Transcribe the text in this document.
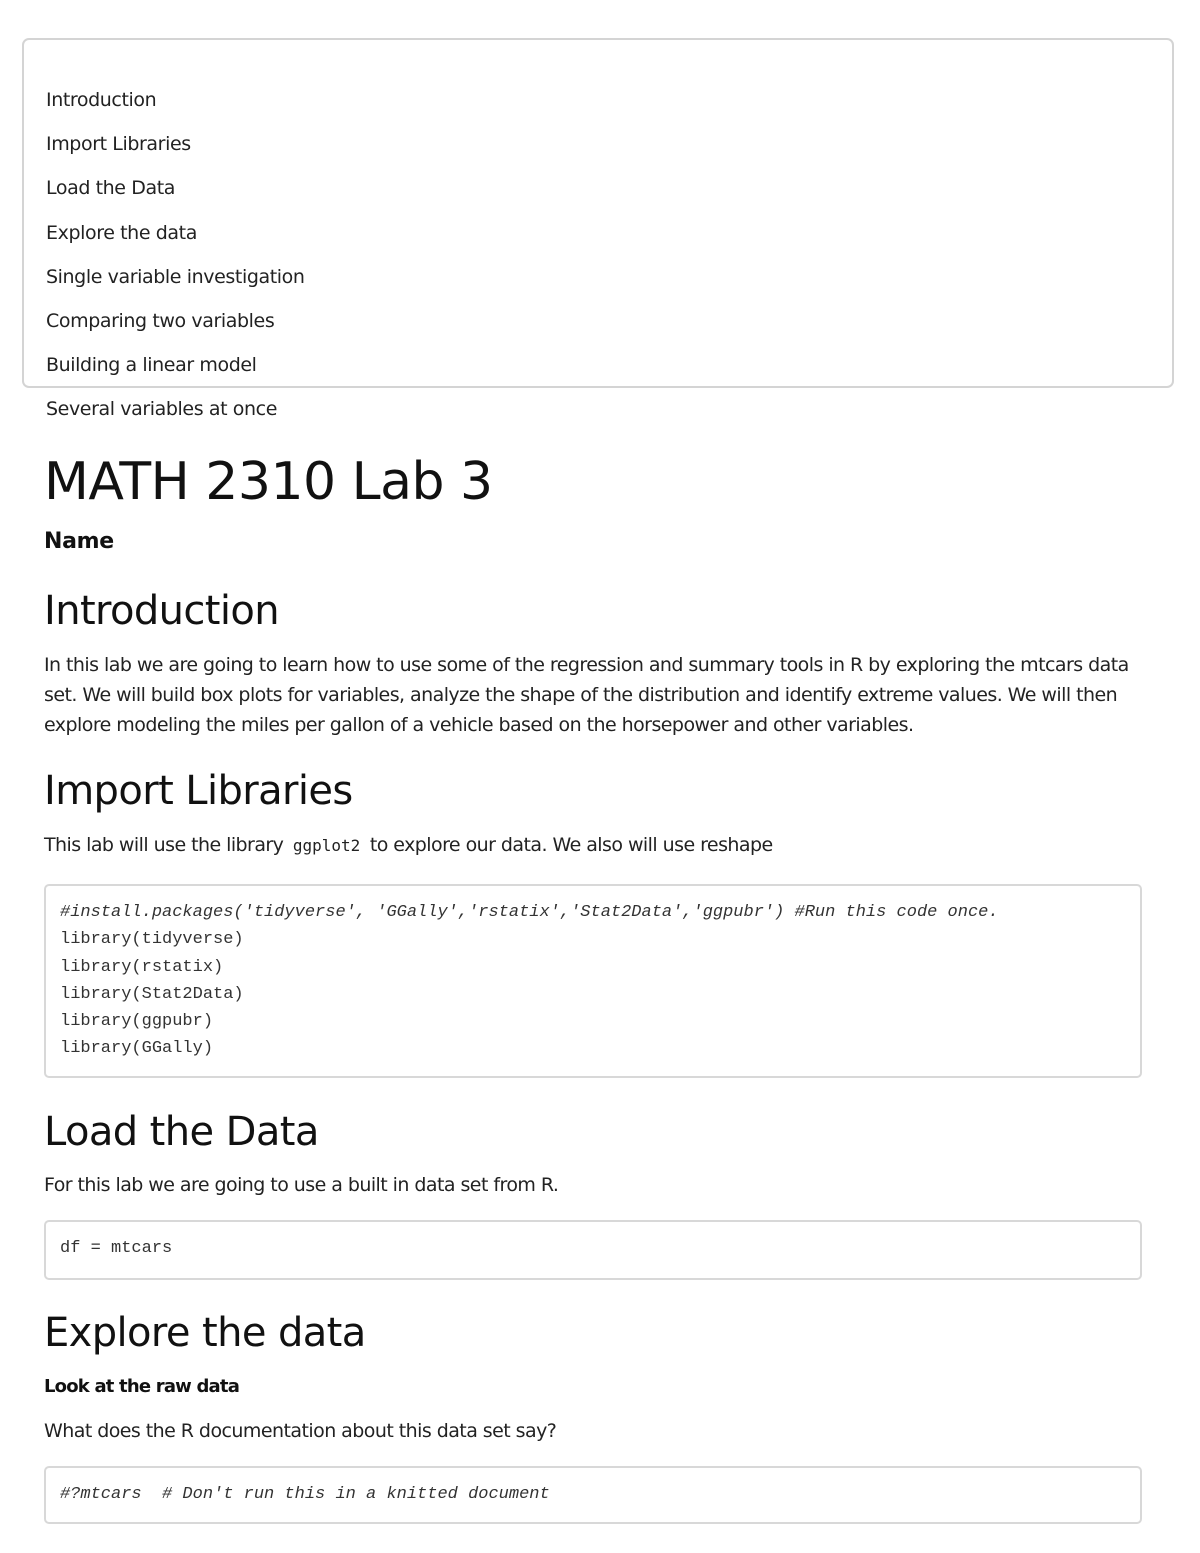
Introduction
Import Libraries
Load the Data
Explore the data
Single variable investigation
Comparing two variables
Building a linear model
Several variables at once
MATH 2310 Lab 3
Name
Introduction
In this lab we are going to learn how to use some of the regression and summary tools in R by exploring the mtcars data set. We will build box plots for variables, analyze the shape of the distribution and identify extreme values. We will then explore modeling the miles per gallon of a vehicle based on the horsepower and other variables.
Import Libraries

This lab will use the library ggplot2 to explore our data. We also will use reshape

#install.packages('tidyverse', 'GGally','rstatix','Stat2Data','ggpubr') #Run this code once.
library(tidyverse)
library(rstatix)
library(Stat2Data)
library(ggpubr)
library(GGally)
Load the Data

For this lab we are going to use a built in data set from R.

df = mtcars
Explore the data
Look at the raw data

What does the R documentation about this data set say?

#?mtcars  # Don't run this in a knitted document
